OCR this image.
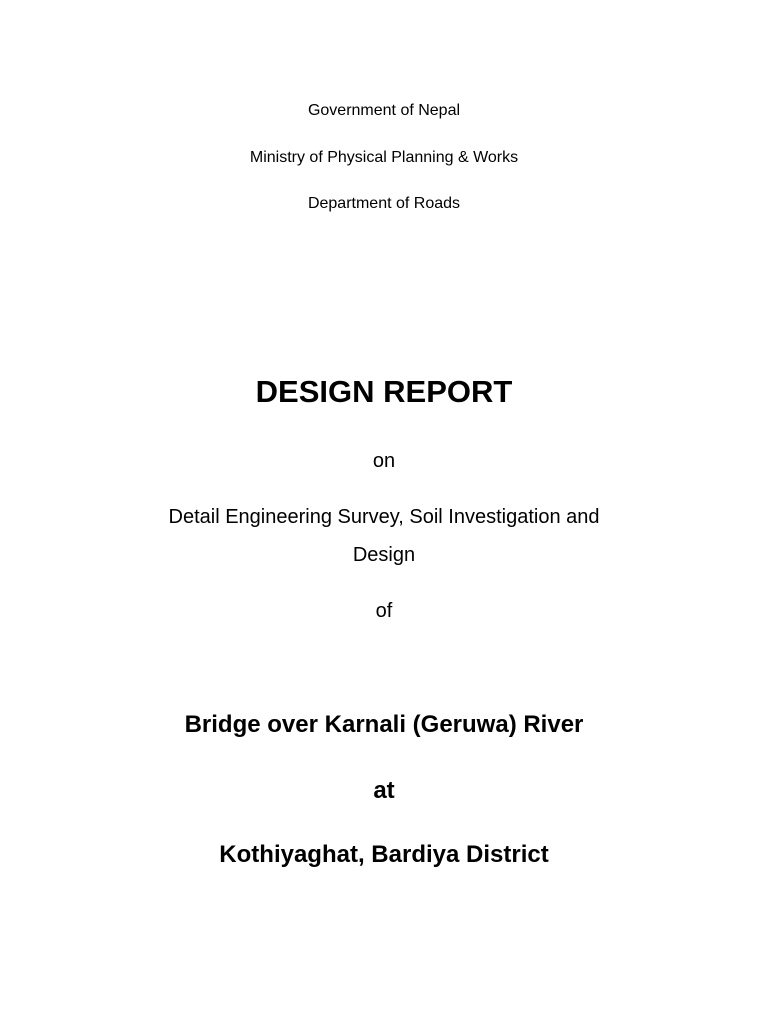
Government of Nepal
Ministry of Physical Planning & Works
Department of Roads
DESIGN REPORT
on
Detail Engineering Survey, Soil Investigation and
Design
of
Bridge over Karnali (Geruwa) River
at
Kothiyaghat, Bardiya District
